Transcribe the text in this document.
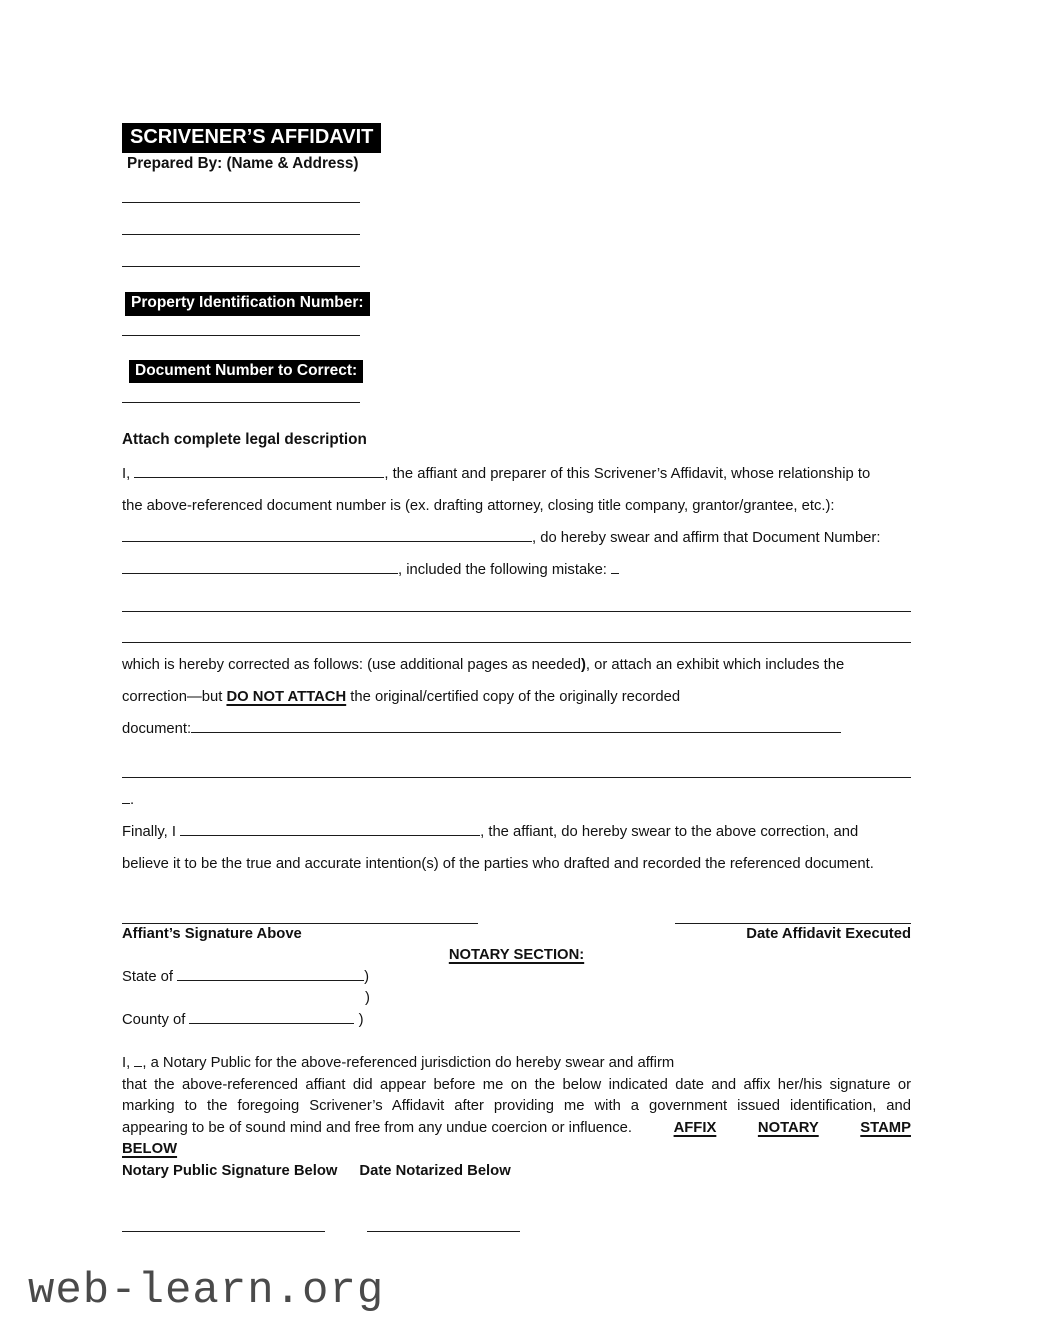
SCRIVENER’S AFFIDAVIT
Prepared By: (Name & Address)
Property Identification Number:
Document Number to Correct:
Attach complete legal description
I,	, the affiant and preparer of this Scrivener’s Affidavit, whose relationship to
the above-referenced document number is (ex. drafting attorney, closing title company, grantor/grantee, etc.):
, do hereby swear and affirm that Document Number:
, included the following mistake:
which is hereby corrected as follows: (use additional pages as needed), or attach an exhibit which includes the
correction—but DO NOT ATTACH the original/certified copy of the originally recorded
document:
.
Finally, I	, the affiant, do hereby swear to the above correction, and
believe it to be the true and accurate intention(s) of the parties who drafted and recorded the referenced document.
Affiant’s Signature Above	Date Affidavit Executed
NOTARY SECTION:
State of	)
)
County of	)
I, , a Notary Public for the above-referenced jurisdiction do hereby swear and affirm
that the above-referenced affiant did appear before me on the below indicated date and affix her/his signature or
marking to the foregoing Scrivener’s Affidavit after providing me with a government issued identification, and
appearing to be of sound mind and free from any undue coercion or influence.	AFFIX	NOTARY	STAMP
BELOW
Notary Public Signature Below Date Notarized Below
web-learn.org
